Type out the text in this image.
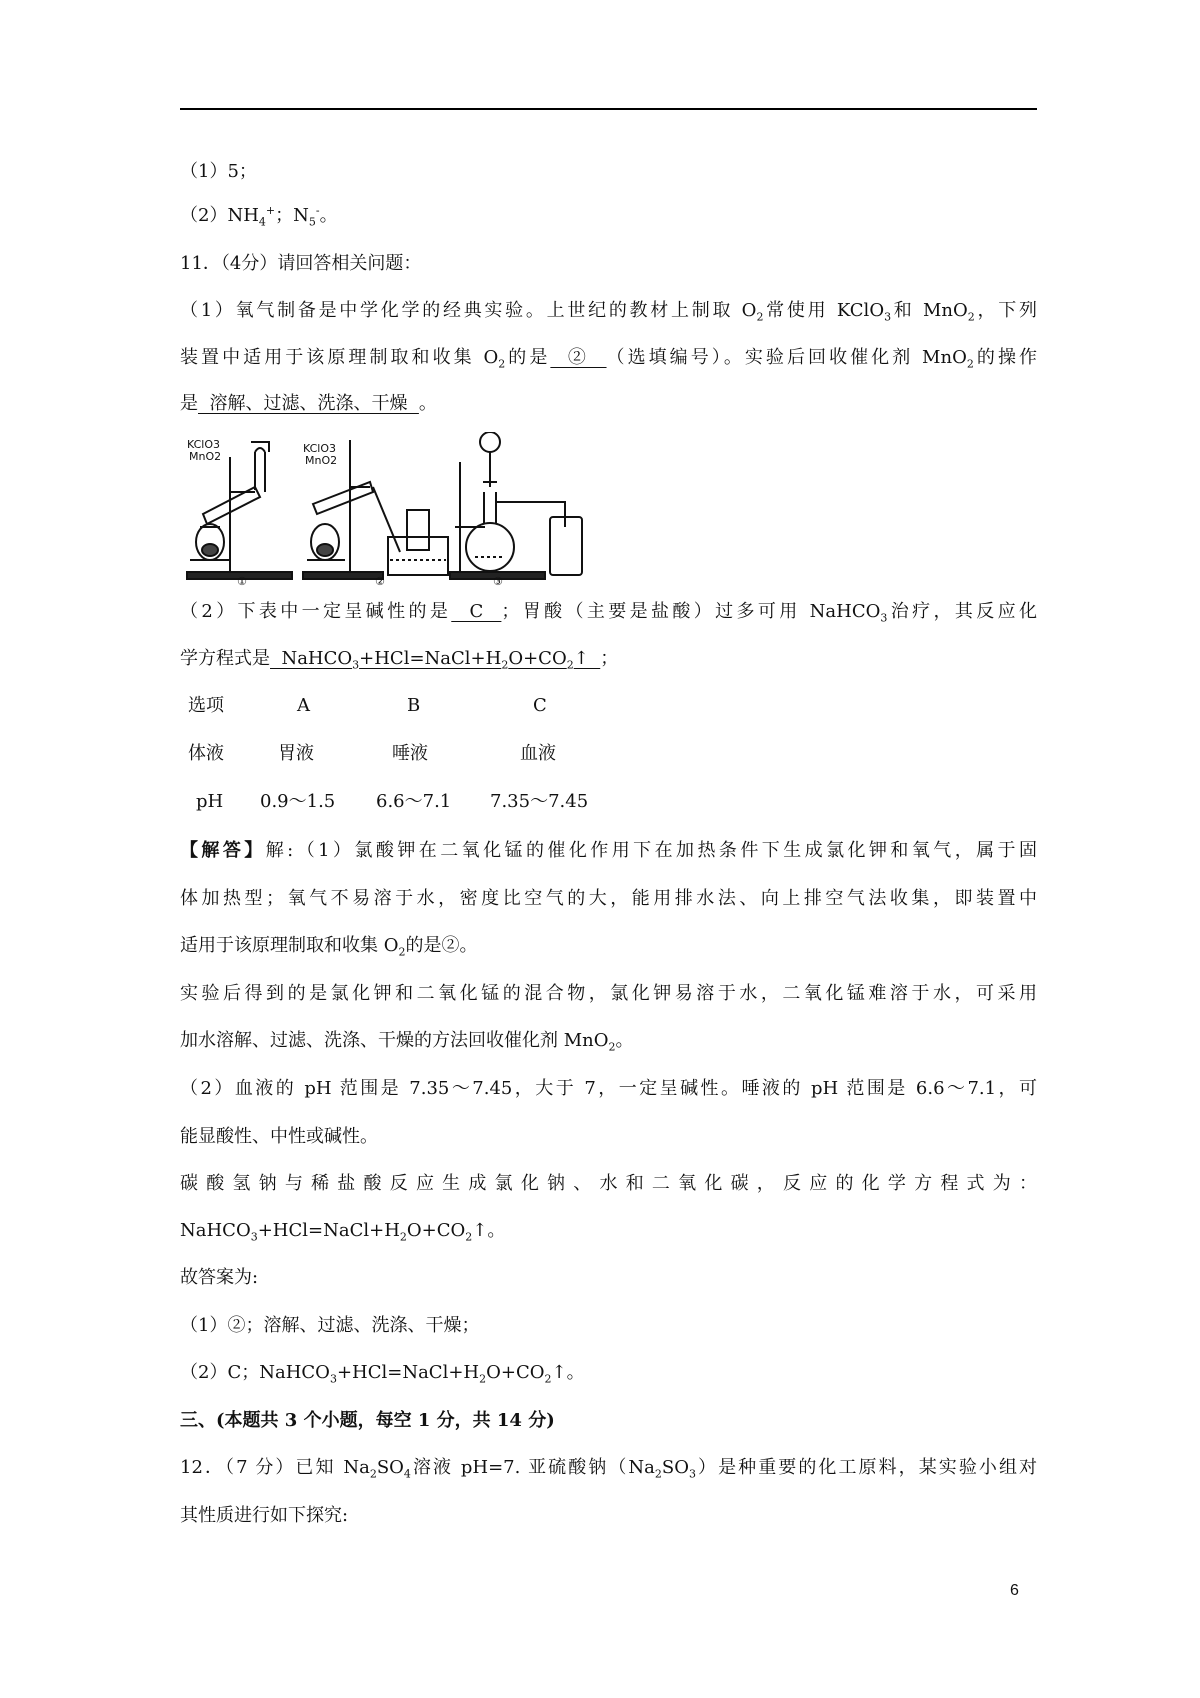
（1）5；
$(2)NH_4^+$；$N_5^-$。
11．（4分）请回答相关问题：
（1）氧气制备是中学化学的经典实验。上世纪的教材上制取 $O_2$常使用 KClO$_3$和 MnO$_2$，下列
装置中适用于该原理制取和收集 $O_2$的是  ②  （选填编号）。实验后回收催化剂 MnO$_2$的操作
是  溶解、过滤、洗涤、干燥  。
KClO3
MnO2
KClO3
MnO2
①	②	③
（2）下表中一定呈碱性的是  C  ；胃酸（主要是盐酸）过多可用 NaHCO$_3$治疗，其反应化
学方程式是  $NaHCO_3+HCl=NaCl+H_2O+CO_2↑$  ；
选项	A	B	C
体液	胃液	唾液	血液
pH 0.9～1.5 6.6～7.1 7.35～7.45
【解答】解:（1）氯酸钾在二氧化锰的催化作用下在加热条件下生成氯化钾和氧气，属于固
体加热型；氧气不易溶于水，密度比空气的大，能用排水法、向上排空气法收集，即装置中
适用于该原理制取和收集 $O_2$的是②。
实验后得到的是氯化钾和二氧化锰的混合物，氯化钾易溶于水，二氧化锰难溶于水，可采用
加水溶解、过滤、洗涤、干燥的方法回收催化剂 MnO$_2$。
（2）血液的 pH 范围是 7.35～7.45，大于 7，一定呈碱性。唾液的 pH 范围是 6.6～7.1，可
能显酸性、中性或碱性。
碳酸氢钠与稀盐酸反应生成氯化钠、水和二氧化碳，反应的化学方程式为：
$NaHCO_3+HCl=NaCl+H_2O+CO_2↑$。
故答案为:
（1）②；溶解、过滤、洗涤、干燥；
（2）C；$NaHCO_3+HCl=NaCl+H_2O+CO_2↑$。
三、(本题共 3 个小题，每空 1 分，共 14 分)
12．（7 分）已知 $Na_2SO_4$溶液 pH=7. 亚硫酸钠$(Na_2SO_3)$是种重要的化工原料，某实验小组对
其性质进行如下探究:
6
